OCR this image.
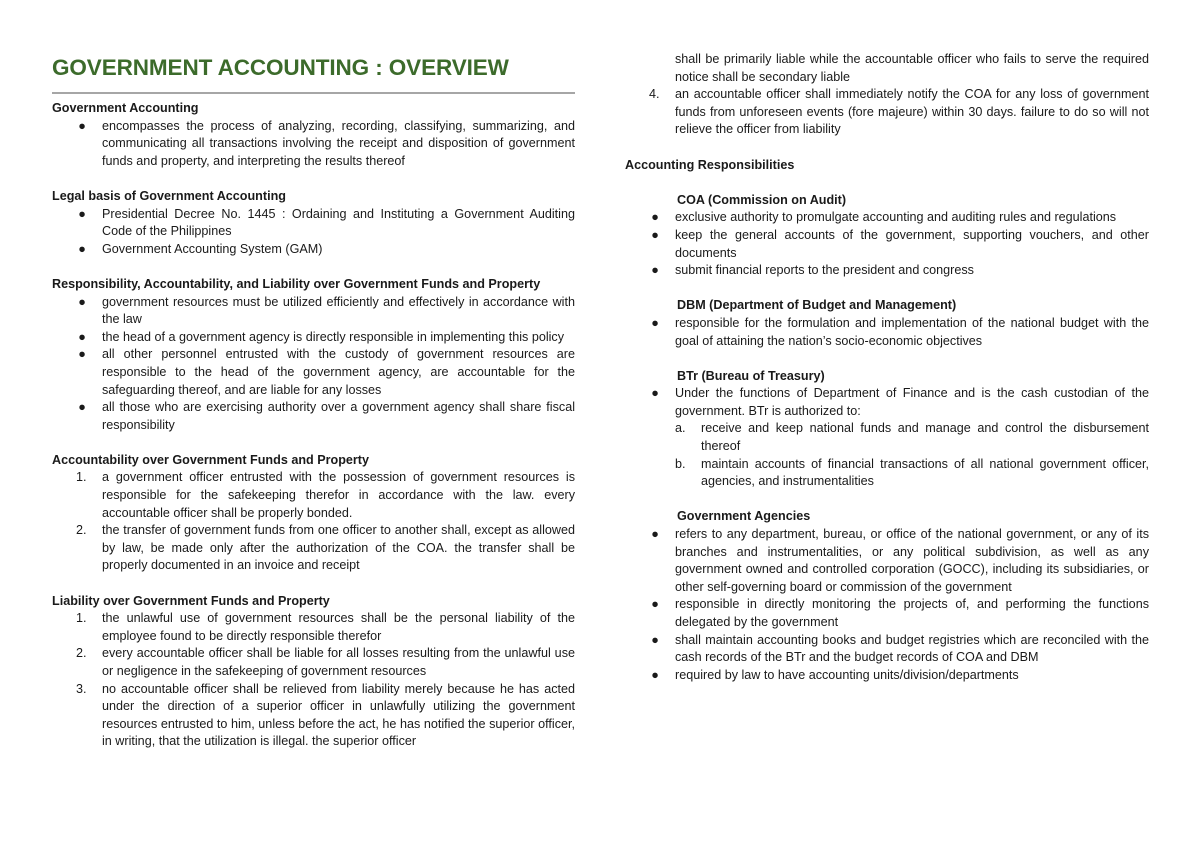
GOVERNMENT ACCOUNTING : OVERVIEW

Government Accounting

● encompasses the process of analyzing, recording, classifying, summarizing, and communicating all transactions involving the receipt and disposition of government funds and property, and interpreting the results thereof

Legal basis of Government Accounting

● Presidential Decree No. 1445 : Ordaining and Instituting a Government Auditing Code of the Philippines
● Government Accounting System (GAM)

Responsibility, Accountability, and Liability over Government Funds and Property

● government resources must be utilized efficiently and effectively in accordance with the law
● the head of a government agency is directly responsible in implementing this policy
● all other personnel entrusted with the custody of government resources are responsible to the head of the government agency, are accountable for the safeguarding thereof, and are liable for any losses
● all those who are exercising authority over a government agency shall share fiscal responsibility

Accountability over Government Funds and Property

1. a government officer entrusted with the possession of government resources is responsible for the safekeeping therefor in accordance with the law. every accountable officer shall be properly bonded.
2. the transfer of government funds from one officer to another shall, except as allowed by law, be made only after the authorization of the COA. the transfer shall be properly documented in an invoice and receipt

Liability over Government Funds and Property

1. the unlawful use of government resources shall be the personal liability of the employee found to be directly responsible therefor
2. every accountable officer shall be liable for all losses resulting from the unlawful use or negligence in the safekeeping of government resources
3. no accountable officer shall be relieved from liability merely because he has acted under the direction of a superior officer in unlawfully utilizing the government resources entrusted to him, unless before the act, he has notified the superior officer, in writing, that the utilization is illegal. the superior officer
shall be primarily liable while the accountable officer who fails to serve the required notice shall be secondary liable
4. an accountable officer shall immediately notify the COA for any loss of government funds from unforeseen events (fore majeure) within 30 days. failure to do so will not relieve the officer from liability

Accounting Responsibilities

COA (Commission on Audit)

● exclusive authority to promulgate accounting and auditing rules and regulations
● keep the general accounts of the government, supporting vouchers, and other documents
● submit financial reports to the president and congress

DBM (Department of Budget and Management)

● responsible for the formulation and implementation of the national budget with the goal of attaining the nation’s socio-economic objectives

BTr (Bureau of Treasury)

● Under the functions of Department of Finance and is the cash custodian of the government. BTr is authorized to:
a. receive and keep national funds and manage and control the disbursement thereof
b. maintain accounts of financial transactions of all national government officer, agencies, and instrumentalities

Government Agencies

● refers to any department, bureau, or office of the national government, or any of its branches and instrumentalities, or any political subdivision, as well as any government owned and controlled corporation (GOCC), including its subsidiaries, or other self-governing board or commission of the government
● responsible in directly monitoring the projects of, and performing the functions delegated by the government
● shall maintain accounting books and budget registries which are reconciled with the cash records of the BTr and the budget records of COA and DBM
● required by law to have accounting units/division/departments
